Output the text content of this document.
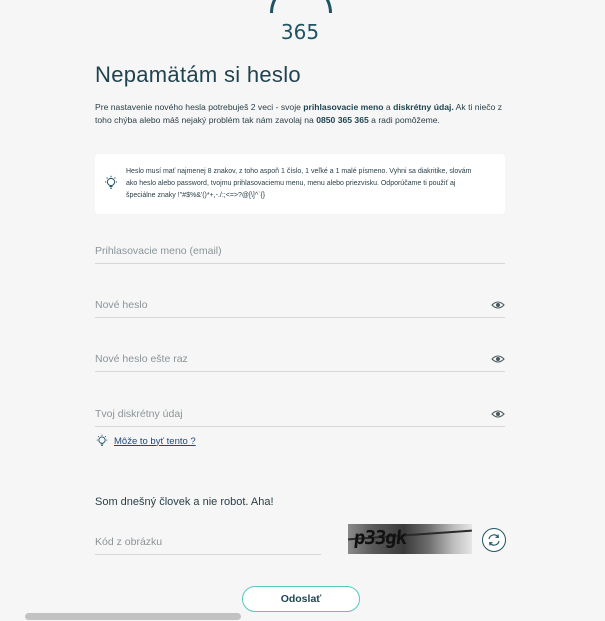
365
Nepamätám si heslo
Pre nastavenie nového hesla potrebuješ 2 veci - svoje prihlasovacie meno a diskrétny údaj. Ak ti niečo z toho chýba alebo máš nejaký problém tak nám zavolaj na 0850 365 365 a radi pomôžeme.
Heslo musí mať najmenej 8 znakov, z toho aspoň 1 číslo, 1 veľké a 1 malé písmeno. Vyhni sa diakritike, slovám ako heslo alebo password, tvojmu prihlasovaciemu menu, menu alebo priezvisku. Odporúčame ti použiť aj špeciálne znaky !"#$%&'()*+,-./:;<=>?@[\]^`{}
Prihlasovacie meno (email)
Môže to byť tento ?
Som dnešný človek a nie robot. Aha!
Kód z obrázku
p33gk
Odoslať
